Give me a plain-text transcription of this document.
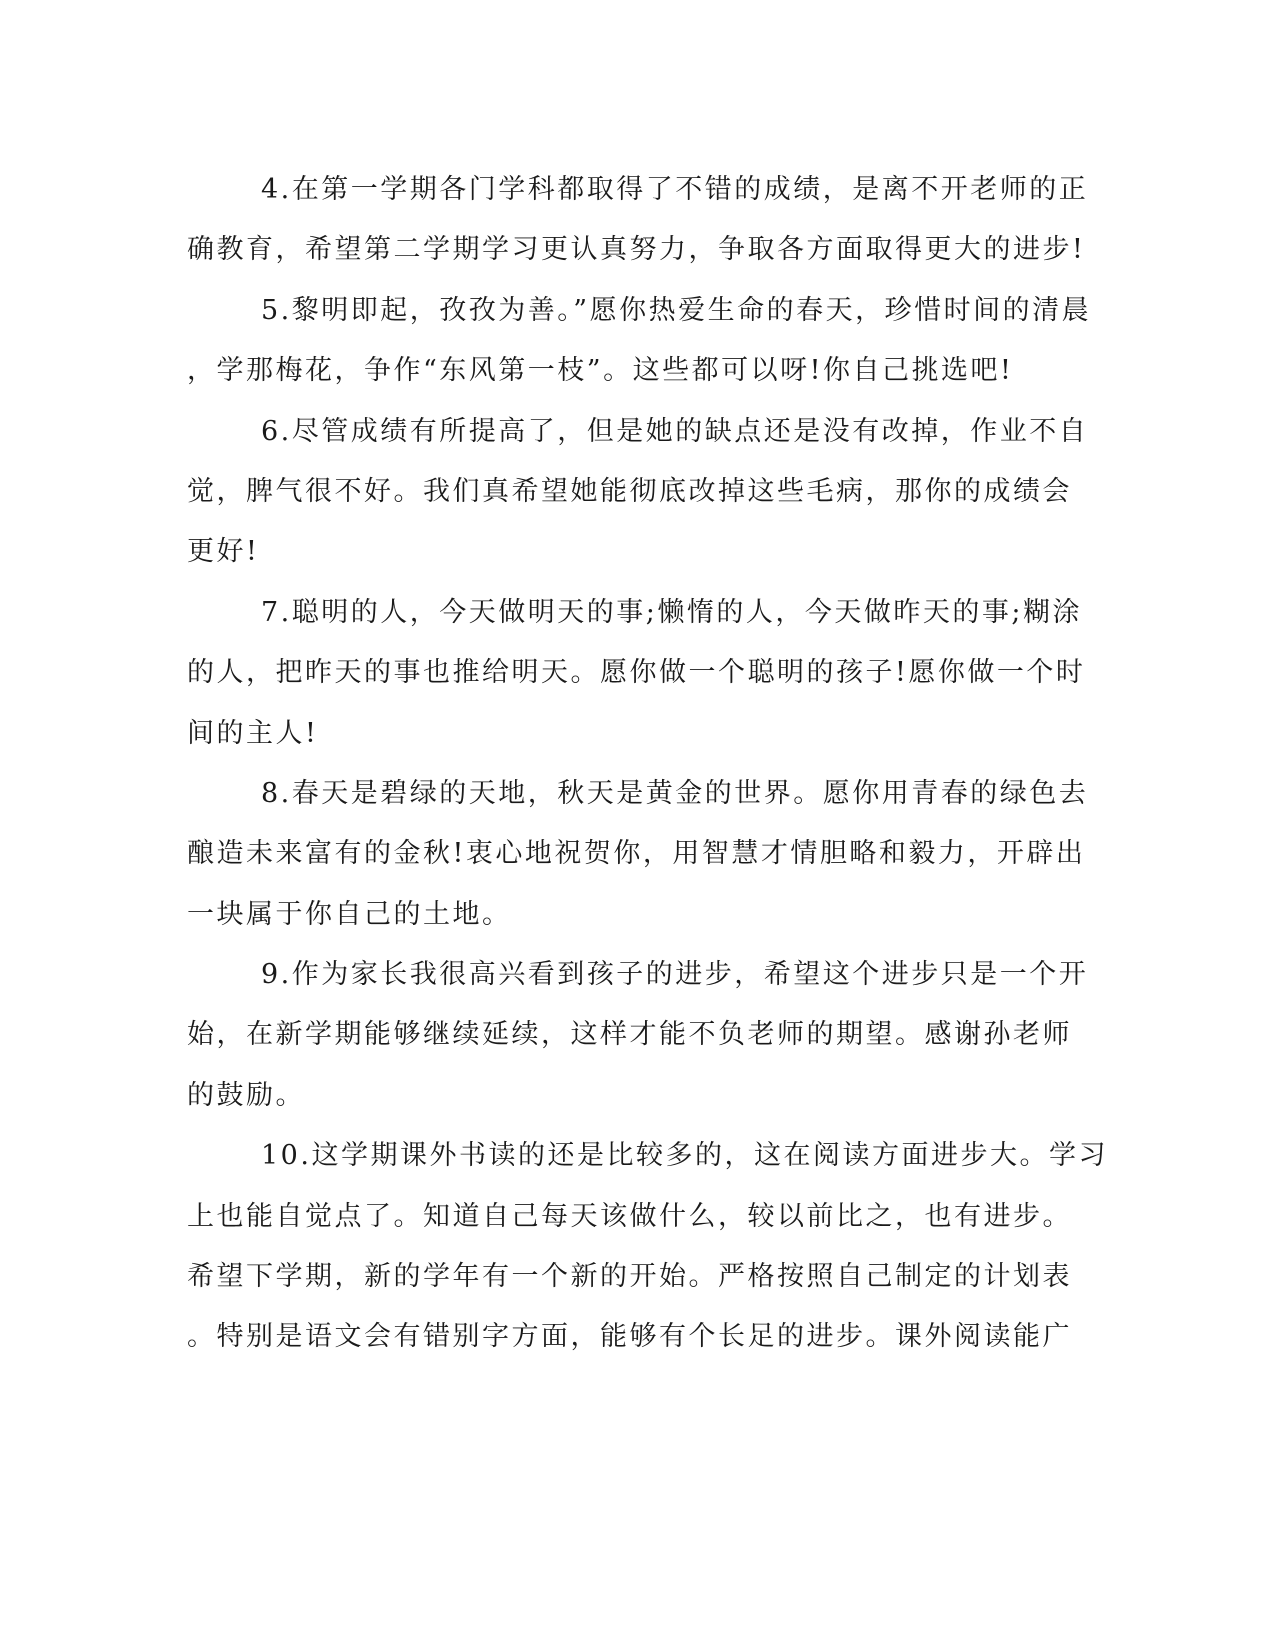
4.在第一学期各门学科都取得了不错的成绩，是离不开老师的正
确教育，希望第二学期学习更认真努力，争取各方面取得更大的进步!
5.黎明即起，孜孜为善。”愿你热爱生命的春天，珍惜时间的清晨
，学那梅花，争作“东风第一枝”。这些都可以呀!你自己挑选吧!
6.尽管成绩有所提高了，但是她的缺点还是没有改掉，作业不自
觉，脾气很不好。我们真希望她能彻底改掉这些毛病，那你的成绩会
更好!
7.聪明的人，今天做明天的事;懒惰的人，今天做昨天的事;糊涂
的人，把昨天的事也推给明天。愿你做一个聪明的孩子!愿你做一个时
间的主人!
8.春天是碧绿的天地，秋天是黄金的世界。愿你用青春的绿色去
酿造未来富有的金秋!衷心地祝贺你，用智慧才情胆略和毅力，开辟出
一块属于你自己的土地。
9.作为家长我很高兴看到孩子的进步，希望这个进步只是一个开
始，在新学期能够继续延续，这样才能不负老师的期望。感谢孙老师
的鼓励。
10.这学期课外书读的还是比较多的，这在阅读方面进步大。学习
上也能自觉点了。知道自己每天该做什么，较以前比之，也有进步。
希望下学期，新的学年有一个新的开始。严格按照自己制定的计划表
。特别是语文会有错别字方面，能够有个长足的进步。课外阅读能广
